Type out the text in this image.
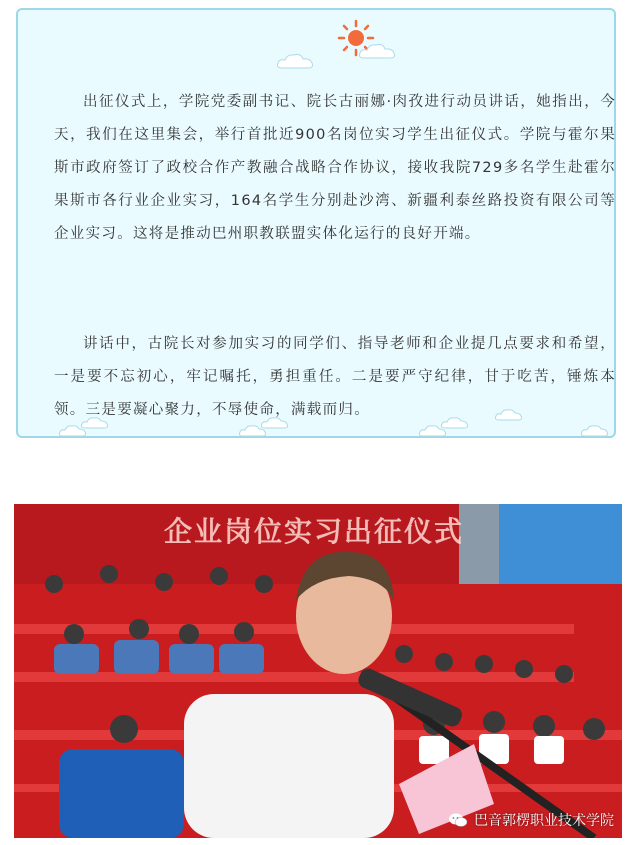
出征仪式上，学院党委副书记、院长古丽娜·肉孜进行动员讲话，她指出，今天，我们在这里集会，举行首批近900名岗位实习学生出征仪式。学院与霍尔果斯市政府签订了政校合作产教融合战略合作协议，接收我院729多名学生赴霍尔果斯市各行业企业实习，164名学生分别赴沙湾、新疆利泰丝路投资有限公司等企业实习。这将是推动巴州职教联盟实体化运行的良好开端。

讲话中，古院长对参加实习的同学们、指导老师和企业提几点要求和希望，一是要不忘初心，牢记嘱托，勇担重任。二是要严守纪律，甘于吃苦，锤炼本领。三是要凝心聚力，不辱使命，满载而归。

企业岗位实习出征仪式
巴音郭楞职业技术学院
